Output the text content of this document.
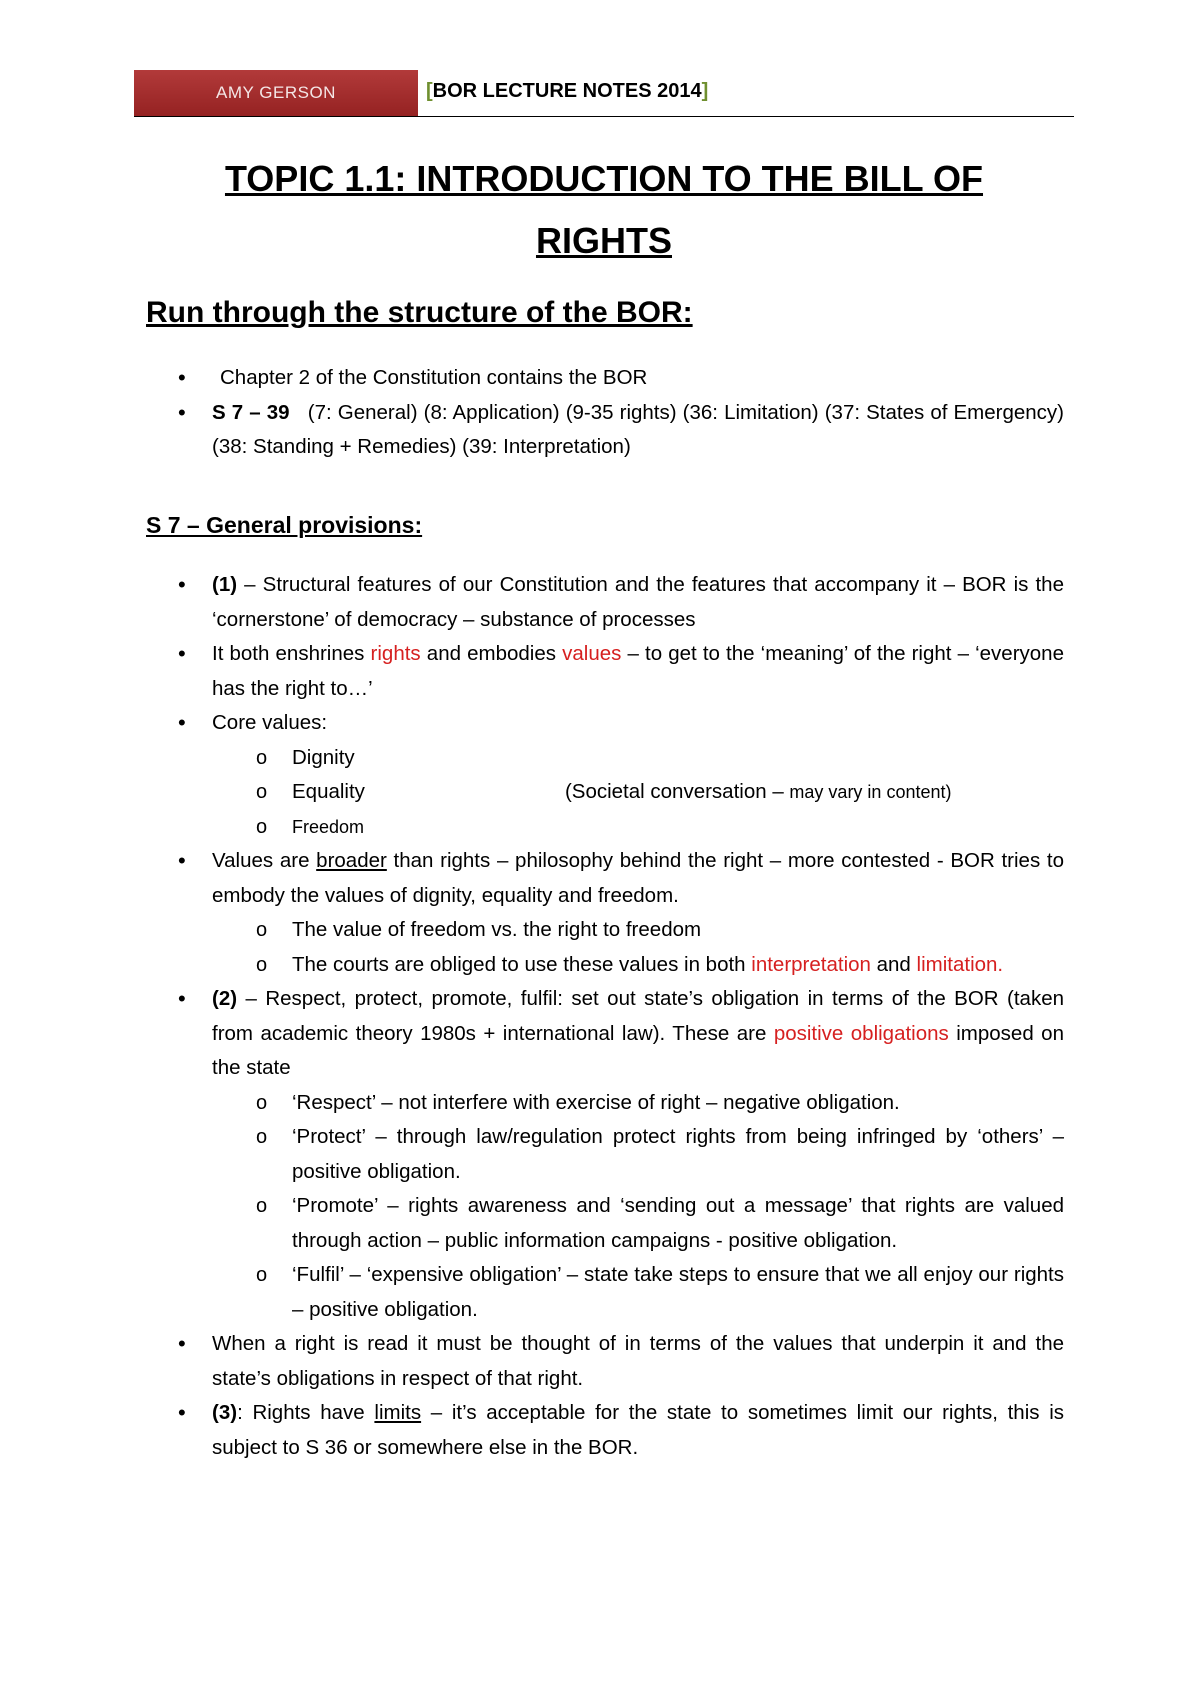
AMY GERSON	[BOR LECTURE NOTES 2014]
TOPIC 1.1: INTRODUCTION TO THE BILL OF
RIGHTS
Run through the structure of the BOR:
• Chapter 2 of the Constitution contains the BOR
• S 7 – 39 (7: General) (8: Application) (9-35 rights) (36: Limitation) (37: States of Emergency) (38: Standing + Remedies) (39: Interpretation)
S 7 – General provisions:
• (1) – Structural features of our Constitution and the features that accompany it – BOR is the ‘cornerstone’ of democracy – substance of processes
• It both enshrines rights and embodies values – to get to the ‘meaning’ of the right – ‘everyone has the right to…’
• Core values:
o Dignity
o Equality	(Societal conversation – may vary in content)
o Freedom
• Values are broader than rights – philosophy behind the right – more contested - BOR tries to embody the values of dignity, equality and freedom.
o The value of freedom vs. the right to freedom
o The courts are obliged to use these values in both interpretation and limitation.
• (2) – Respect, protect, promote, fulfil: set out state’s obligation in terms of the BOR (taken from academic theory 1980s + international law). These are positive obligations imposed on the state
o ‘Respect’ – not interfere with exercise of right – negative obligation.
o ‘Protect’ – through law/regulation protect rights from being infringed by ‘others’ – positive obligation.
o ‘Promote’ – rights awareness and ‘sending out a message’ that rights are valued through action – public information campaigns - positive obligation.
o ‘Fulfil’ – ‘expensive obligation’ – state take steps to ensure that we all enjoy our rights – positive obligation.
• When a right is read it must be thought of in terms of the values that underpin it and the state’s obligations in respect of that right.
• (3): Rights have limits – it’s acceptable for the state to sometimes limit our rights, this is subject to S 36 or somewhere else in the BOR.
